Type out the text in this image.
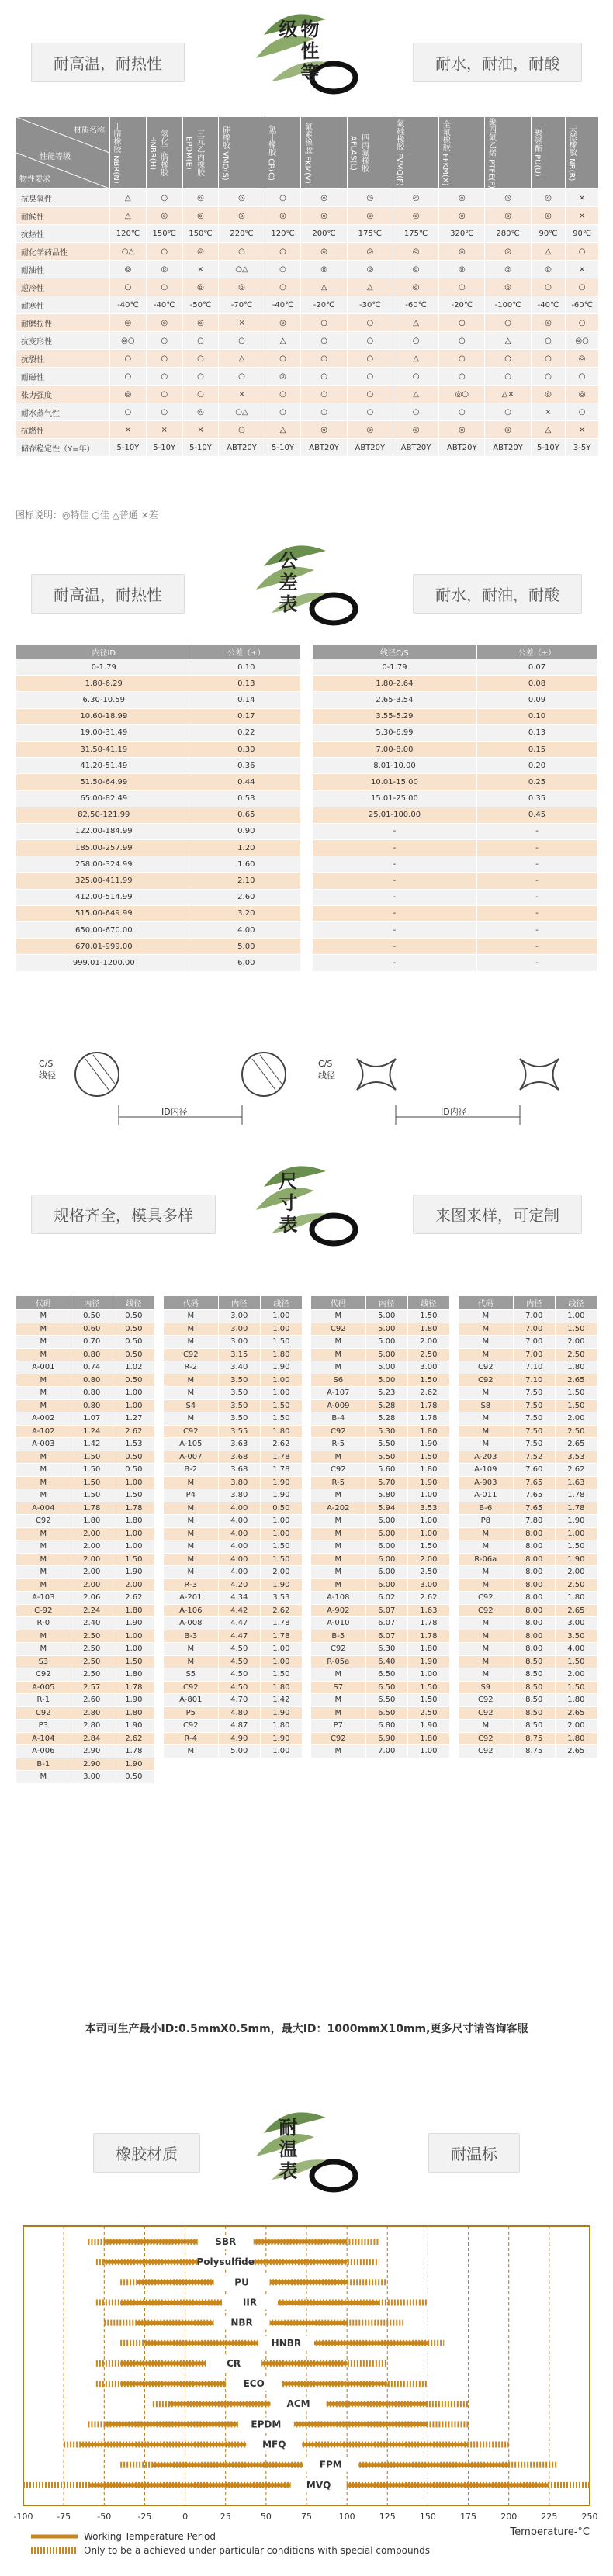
耐高温，耐热性	耐水，耐油，耐酸
物性等级
材质名称
性能等级
物性要求	丁腈橡胶 NBR(N)	氢化丁腈橡胶 HNBR(H)	三元乙丙橡胶 EPDM(E)	硅橡胶 VMQ(S)	氯丁橡胶 CR(C)	氟素橡胶 FKM(V)	四丙氟橡胶 AFLAS(L)	氟硅橡胶 FVMQ(F)	全氟橡胶 FFKM(X)	聚四氟乙烯 PTFE(F)	聚氨酯 PU(U)	天然橡胶 NR(R)

抗臭氧性	△	○	◎	◎	○	◎	◎	◎	◎	◎	◎	×
耐候性	△	◎	◎	◎	◎	◎	◎	◎	◎	◎	◎	×
抗热性	120℃	150℃	150℃	220℃	120℃	200℃	175℃	175℃	320℃	280℃	90℃	90℃
耐化学药品性	○△	○	◎	○	○	◎	◎	◎	◎	◎	△	○
耐油性	◎	◎	×	○△	○	◎	◎	◎	◎	◎	◎	×
逆冷性	○	○	◎	◎	○	△	△	◎	○	◎	○	○
耐寒性	-40℃	-40℃	-50℃	-70℃	-40℃	-20℃	-30℃	-60℃	-20℃	-100℃	-40℃	-60℃
耐磨损性	◎	◎	◎	×	◎	○	○	△	○	○	◎	○
抗变形性	◎○	○	○	○	△	○	○	○	○	△	○	◎○
抗裂性	○	○	○	△	○	○	○	△	○	○	○	◎
耐磁性	○	○	○	○	◎	○	○	○	○	○	○	○
张力强度	◎	○	○	×	○	○	○	△	◎○	△×	◎	◎
耐水蒸气性	○	○	◎	○△	○	○	○	○	○	○	×	○
抗燃性	×	×	×	○	△	◎	◎	◎	◎	◎	△	×
储存稳定性（Y=年）	5-10Y	5-10Y	5-10Y	ABT20Y	5-10Y	ABT20Y	ABT20Y	ABT20Y	ABT20Y	ABT20Y	5-10Y	3-5Y
图标说明：◎特佳 ○佳 △普通 ×差
耐高温，耐热性	耐水，耐油，耐酸
公差表
内径ID	公差（±）
0-1.79	0.10
1.80-6.29	0.13
6.30-10.59	0.14
10.60-18.99	0.17
19.00-31.49	0.22
31.50-41.19	0.30
41.20-51.49	0.36
51.50-64.99	0.44
65.00-82.49	0.53
82.50-121.99	0.65
122.00-184.99	0.90
185.00-257.99	1.20
258.00-324.99	1.60
325.00-411.99	2.10
412.00-514.99	2.60
515.00-649.99	3.20
650.00-670.00	4.00
670.01-999.00	5.00
999.01-1200.00	6.00
线径C/S	公差（±）
0-1.79	0.07
1.80-2.64	0.08
2.65-3.54	0.09
3.55-5.29	0.10
5.30-6.99	0.13
7.00-8.00	0.15
8.01-10.00	0.20
10.01-15.00	0.25
15.01-25.00	0.35
25.01-100.00	0.45
-	-
-	-
-	-
-	-
-	-
-	-
-	-
-	-
-	-
C/S 线径
ID内径
C/S 线径
ID内径
规格齐全，模具多样	来图来样，可定制
尺寸表
代码	内径	线径
M	0.50	0.50
M	0.60	0.50
M	0.70	0.50
M	0.80	0.50
A-001	0.74	1.02
M	0.80	0.50
M	0.80	1.00
M	0.80	1.00
A-002	1.07	1.27
A-102	1.24	2.62
A-003	1.42	1.53
M	1.50	0.50
M	1.50	0.50
M	1.50	1.00
M	1.50	1.50
A-004	1.78	1.78
C92	1.80	1.80
M	2.00	1.00
M	2.00	1.00
M	2.00	1.50
M	2.00	1.90
M	2.00	2.00
A-103	2.06	2.62
C-92	2.24	1.80
R-0	2.40	1.90
M	2.50	1.00
M	2.50	1.00
S3	2.50	1.50
C92	2.50	1.80
A-005	2.57	1.78
R-1	2.60	1.90
C92	2.80	1.80
P3	2.80	1.90
A-104	2.84	2.62
A-006	2.90	1.78
B-1	2.90	1.90
M	3.00	0.50
代码	内径	线径
M	3.00	1.00
M	3.00	1.00
M	3.00	1.50
C92	3.15	1.80
R-2	3.40	1.90
M	3.50	1.00
M	3.50	1.00
S4	3.50	1.50
M	3.50	1.50
C92	3.55	1.80
A-105	3.63	2.62
A-007	3.68	1.78
B-2	3.68	1.78
M	3.80	1.90
P4	3.80	1.90
M	4.00	0.50
M	4.00	1.00
M	4.00	1.00
M	4.00	1.50
M	4.00	1.50
M	4.00	2.00
R-3	4.20	1.90
A-201	4.34	3.53
A-106	4.42	2.62
A-008	4.47	1.78
B-3	4.47	1.78
M	4.50	1.00
M	4.50	1.00
S5	4.50	1.50
C92	4.50	1.80
A-801	4.70	1.42
P5	4.80	1.90
C92	4.87	1.80
R-4	4.90	1.90
M	5.00	1.00
代码	内径	线径
M	5.00	1.50
C92	5.00	1.80
M	5.00	2.00
M	5.00	2.50
M	5.00	3.00
S6	5.00	1.50
A-107	5.23	2.62
A-009	5.28	1.78
B-4	5.28	1.78
C92	5.30	1.80
R-5	5.50	1.90
M	5.50	1.50
C92	5.60	1.80
R-5	5.70	1.90
M	5.80	1.00
A-202	5.94	3.53
M	6.00	1.00
M	6.00	1.00
M	6.00	1.50
M	6.00	2.00
M	6.00	2.50
M	6.00	3.00
A-108	6.02	2.62
A-902	6.07	1.63
A-010	6.07	1.78
B-5	6.07	1.78
C92	6.30	1.80
R-05a	6.40	1.90
M	6.50	1.00
S7	6.50	1.50
M	6.50	1.50
M	6.50	2.50
P7	6.80	1.90
C92	6.90	1.80
M	7.00	1.00
代码	内径	线径
M	7.00	1.00
M	7.00	1.50
M	7.00	2.00
M	7.00	2.50
C92	7.10	1.80
C92	7.10	2.65
M	7.50	1.50
S8	7.50	1.50
M	7.50	2.00
M	7.50	2.50
M	7.50	2.65
A-203	7.52	3.53
A-109	7.60	2.62
A-903	7.65	1.63
A-011	7.65	1.78
B-6	7.65	1.78
P8	7.80	1.90
M	8.00	1.00
M	8.00	1.50
R-06a	8.00	1.90
M	8.00	2.00
M	8.00	2.50
C92	8.00	1.80
C92	8.00	2.65
M	8.00	3.00
M	8.00	3.50
M	8.00	4.00
M	8.50	1.50
M	8.50	2.00
S9	8.50	1.50
C92	8.50	1.80
C92	8.50	2.65
M	8.50	2.00
C92	8.75	1.80
C92	8.75	2.65
本司可生产最小ID:0.5mmX0.5mm，最大ID：1000mmX10mm,更多尺寸请咨询客服
橡胶材质	耐温标
耐温表
-100	-75	-50	-25	0	25	50	75	100	125	150	175	200	225	250
SBR
Polysulfide
PU
IIR
NBR
HNBR
CR
ECO
ACM
EPDM
MFQ
FPM
MVQ
Temperature-°C
Working Temperature Period
Only to be a achieved under particular conditions with special compounds
